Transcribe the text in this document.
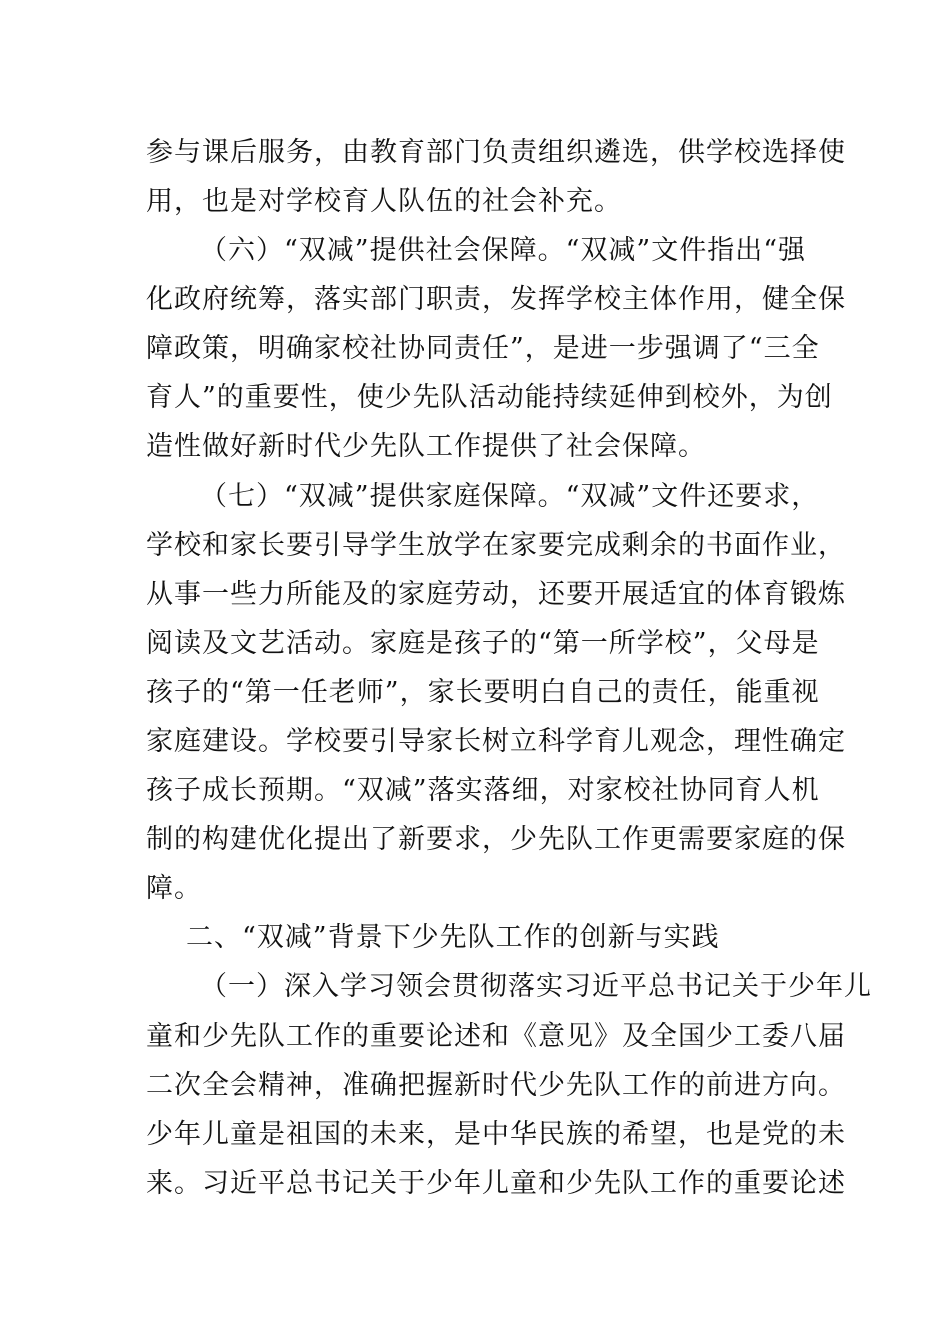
参与课后服务，由教育部门负责组织遴选，供学校选择使
用，也是对学校育人队伍的社会补充。
（六）“双减”提供社会保障。“双减”文件指出“强
化政府统筹，落实部门职责，发挥学校主体作用，健全保
障政策，明确家校社协同责任”，是进一步强调了“三全
育人”的重要性，使少先队活动能持续延伸到校外，为创
造性做好新时代少先队工作提供了社会保障。
（七）“双减”提供家庭保障。“双减”文件还要求，
学校和家长要引导学生放学在家要完成剩余的书面作业，
从事一些力所能及的家庭劳动，还要开展适宜的体育锻炼
阅读及文艺活动。家庭是孩子的“第一所学校”，父母是
孩子的“第一任老师”，家长要明白自己的责任，能重视
家庭建设。学校要引导家长树立科学育儿观念，理性确定
孩子成长预期。“双减”落实落细，对家校社协同育人机
制的构建优化提出了新要求，少先队工作更需要家庭的保
障。
二、“双减”背景下少先队工作的创新与实践
（一）深入学习领会贯彻落实习近平总书记关于少年儿
童和少先队工作的重要论述和《意见》及全国少工委八届
二次全会精神，准确把握新时代少先队工作的前进方向。
少年儿童是祖国的未来，是中华民族的希望，也是党的未
来。习近平总书记关于少年儿童和少先队工作的重要论述
